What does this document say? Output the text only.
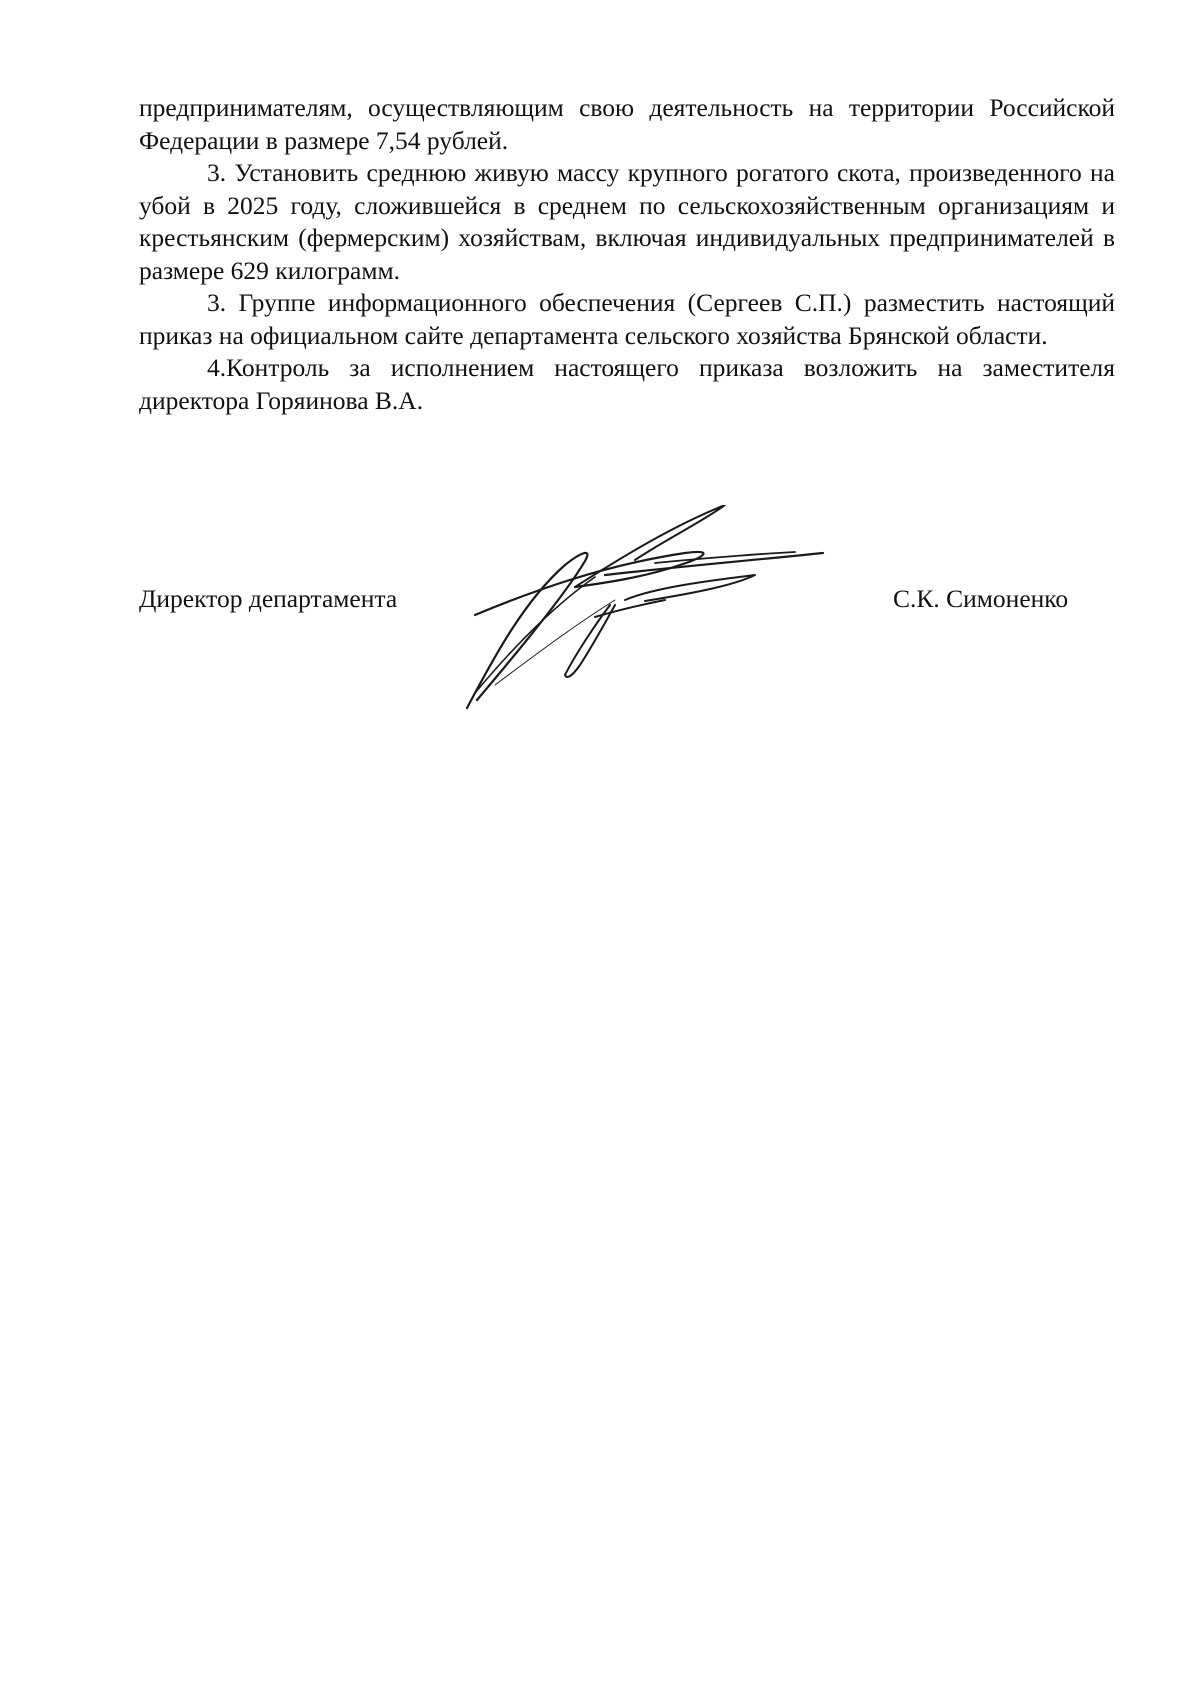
предпринимателям, осуществляющим свою деятельность на территории Российской Федерации в размере 7,54 рублей.

3. Установить среднюю живую массу крупного рогатого скота, произведенного на убой в 2025 году, сложившейся в среднем по сельскохозяйственным организациям и крестьянским (фермерским) хозяйствам, включая индивидуальных предпринимателей в размере 629 килограмм.

3. Группе информационного обеспечения (Сергеев С.П.) разместить настоящий приказ на официальном сайте департамента сельского хозяйства Брянской области.

4.Контроль за исполнением настоящего приказа возложить на заместителя директора Горяинова В.А.

Директор департамента	С.К. Симоненко
